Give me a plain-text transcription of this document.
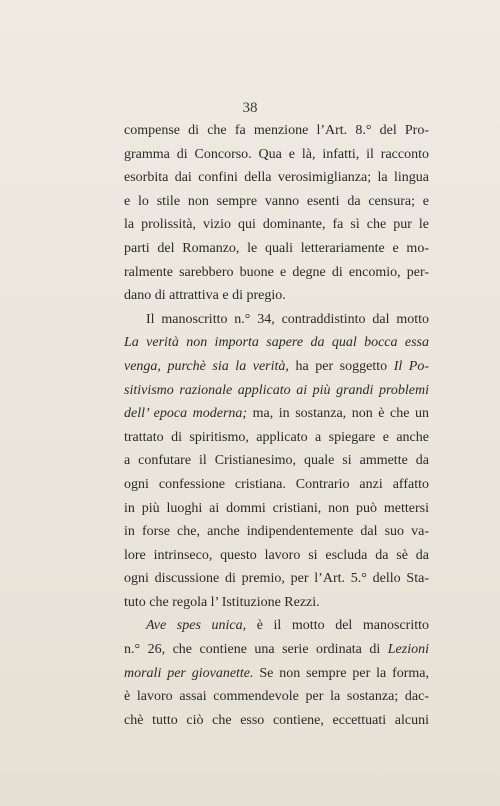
38
compense di che fa menzione l’Art. 8.° del Pro-
gramma di Concorso. Qua e là, infatti, il racconto
esorbita dai confini della verosimiglianza; la lingua
e lo stile non sempre vanno esenti da censura; e
la prolissità, vizio qui dominante, fa sì che pur le
parti del Romanzo, le quali letterariamente e mo-
ralmente sarebbero buone e degne di encomio, per-
dano di attrattiva e di pregio.
Il manoscritto n.° 34, contraddistinto dal motto
La verità non importa sapere da qual bocca essa
venga, purchè sia la verità, ha per soggetto Il Po-
sitivismo razionale applicato ai più grandi problemi
dell’ epoca moderna; ma, in sostanza, non è che un
trattato di spiritismo, applicato a spiegare e anche
a confutare il Cristianesimo, quale si ammette da
ogni confessione cristiana. Contrario anzi affatto
in più luoghi ai dommi cristiani, non può mettersi
in forse che, anche indipendentemente dal suo va-
lore intrinseco, questo lavoro si escluda da sè da
ogni discussione di premio, per l’Art. 5.° dello Sta-
tuto che regola l’ Istituzione Rezzi.
Ave spes unica, è il motto del manoscritto
n.° 26, che contiene una serie ordinata di Lezioni
morali per giovanette. Se non sempre per la forma,
è lavoro assai commendevole per la sostanza; dac-
chè tutto ciò che esso contiene, eccettuati alcuni
